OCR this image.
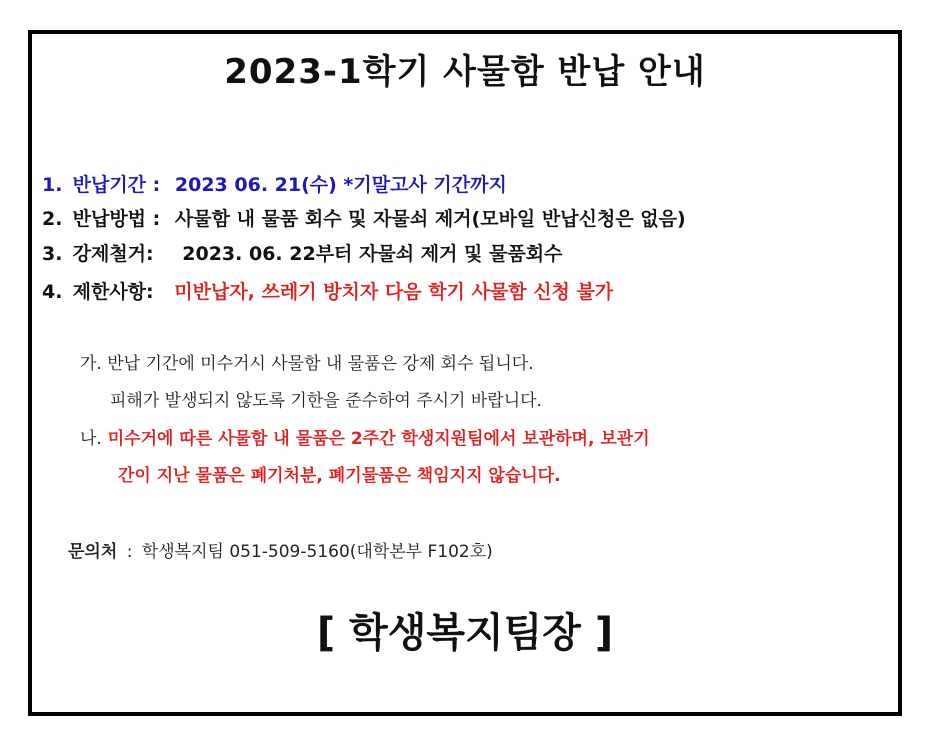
2023-1학기 사물함 반납 안내
1. 반납기간 : 2023 06. 21(수) *기말고사 기간까지
2. 반납방법 : 사물함 내 물품 회수 및 자물쇠 제거(모바일 반납신청은 없음)
3. 강제철거: 2023. 06. 22부터 자물쇠 제거 및 물품회수
4. 제한사항: 미반납자, 쓰레기 방치자 다음 학기 사물함 신청 불가
가. 반납 기간에 미수거시 사물함 내 물품은 강제 회수 됩니다.
피해가 발생되지 않도록 기한을 준수하여 주시기 바랍니다.
나. 미수거에 따른 사물함 내 물품은 2주간 학생지원팀에서 보관하며, 보관기
간이 지난 물품은 폐기처분, 폐기물품은 책임지지 않습니다.
문의처 : 학생복지팀 051-509-5160(대학본부 F102호)
[ 학생복지팀장 ]
